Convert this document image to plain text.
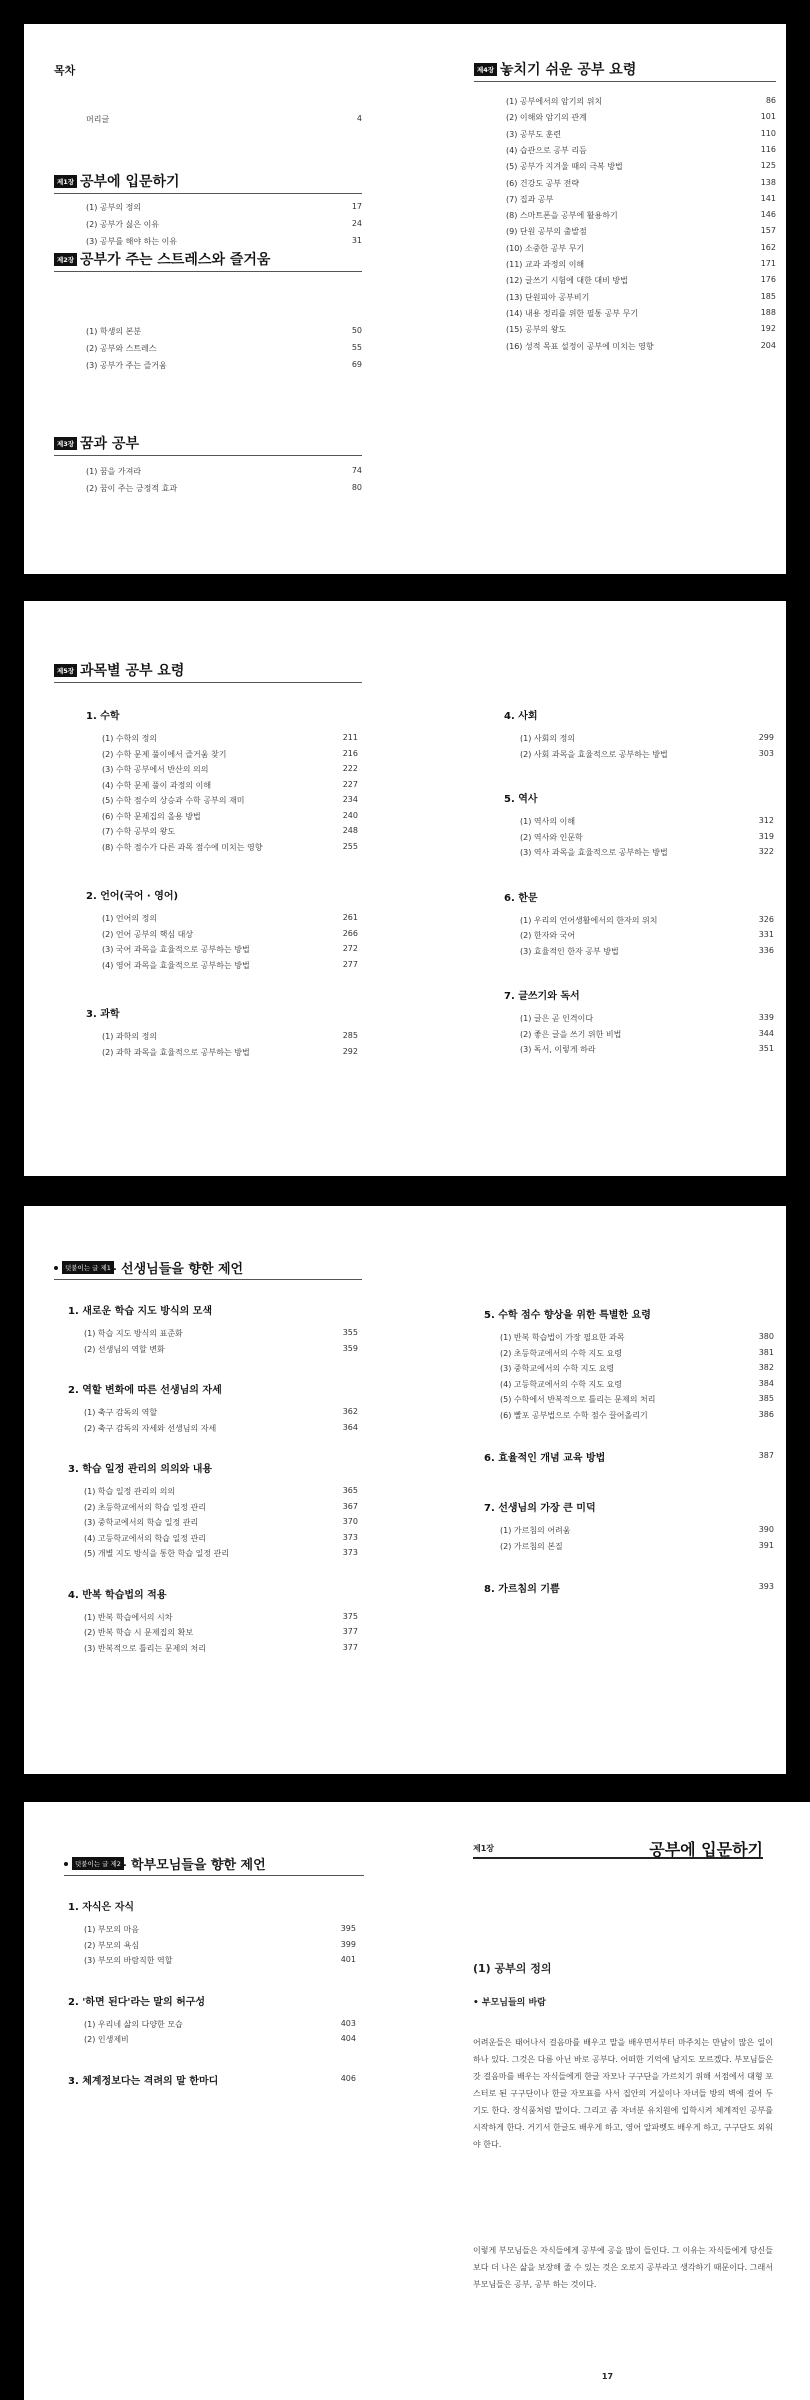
목차
머리글	4
제1장 공부에 입문하기
제2장 공부가 주는 스트레스와 즐거움
제3장 꿈과 공부
(1) 공부의 정의	17
(2) 공부가 싫은 이유	24
(3) 공부를 해야 하는 이유	31
(1) 학생의 본분	50
(2) 공부와 스트레스	55
(3) 공부가 주는 즐거움	69
(1) 꿈을 가져라	74
(2) 꿈이 주는 긍정적 효과	80
제4장 놓치기 쉬운 공부 요령
(1) 공부에서의 암기의 위치	86
(2) 이해와 암기의 관계	101
(3) 공부도 훈련	110
(4) 습관으로 공부 리듬	116
(5) 공부가 지겨울 때의 극복 방법	125
(6) 건강도 공부 전략	138
(7) 집과 공부	141
(8) 스마트폰을 공부에 활용하기	146
(9) 단원 공부의 출발점	157
(10) 소중한 공부 무기	162
(11) 교과 과정의 이해	171
(12) 글쓰기 시험에 대한 대비 방법	176
(13) 단원피아 공부비기	185
(14) 내용 정리를 위한 필통 공부 무기	188
(15) 공부의 왕도	192
(16) 성적 목표 설정이 공부에 미치는 영향	204
제5장 과목별 공부 요령
1. 수학
(1) 수학의 정의	211
(2) 수학 문제 풀이에서 즐거움 찾기	216
(3) 수학 공부에서 반산의 의의	222
(4) 수학 문제 풀이 과정의 이해	227
(5) 수학 점수의 상승과 수학 공부의 재미	234
(6) 수학 문제집의 올용 방법	240
(7) 수학 공부의 왕도	248
(8) 수학 점수가 다른 과목 점수에 미치는 영향	255
2. 언어(국어 · 영어)
(1) 언어의 정의	261
(2) 언어 공부의 핵심 대상	266
(3) 국어 과목을 효율적으로 공부하는 방법	272
(4) 영어 과목을 효율적으로 공부하는 방법	277
3. 과학
(1) 과학의 정의	285
(2) 과학 과목을 효율적으로 공부하는 방법	292
4. 사회
(1) 사회의 정의	299
(2) 사회 과목을 효율적으로 공부하는 방법	303
5. 역사
(1) 역사의 이해	312
(2) 역사와 인문학	319
(3) 역사 과목을 효율적으로 공부하는 방법	322
6. 한문
(1) 우리의 언어생활에서의 한자의 위치	326
(2) 한자와 국어	331
(3) 효율적인 한자 공부 방법	336
7. 글쓰기와 독서
(1) 글은 곧 인격이다	339
(2) 좋은 글을 쓰기 위한 비법	344
(3) 독서, 이렇게 하라	351
덧붙이는 글 제1 – 선생님들을 향한 제언
1. 새로운 학습 지도 방식의 모색
(1) 학습 지도 방식의 표준화	355
(2) 선생님의 역할 변화	359
2. 역할 변화에 따른 선생님의 자세
(1) 축구 감독의 역할	362
(2) 축구 감독의 자세와 선생님의 자세	364
3. 학습 일정 관리의 의의와 내용
(1) 학습 일정 관리의 의의	365
(2) 초등학교에서의 학습 일정 관리	367
(3) 중학교에서의 학습 일정 관리	370
(4) 고등학교에서의 학습 일정 관리	373
(5) 개별 지도 방식을 통한 학습 일정 관리	373
4. 반복 학습법의 적용
(1) 반복 학습에서의 시차	375
(2) 반복 학습 시 문제집의 확보	377
(3) 반복적으로 틀리는 문제의 처리	377
5. 수학 점수 향상을 위한 특별한 요령
(1) 반복 학습법이 가장 필요한 과목	380
(2) 초등학교에서의 수학 지도 요령	381
(3) 중학교에서의 수학 지도 요령	382
(4) 고등학교에서의 수학 지도 요령	384
(5) 수학에서 반복적으로 틀리는 문제의 처리	385
(6) 빨포 공부법으로 수학 점수 끌어올리기	386
6. 효율적인 개념 교육 방법	387
7. 선생님의 가장 큰 미덕
(1) 가르침의 어려움	390
(2) 가르침의 본질	391
8. 가르침의 기쁨	393
덧붙이는 글 제2 – 학부모님들을 향한 제언
1. 자식은 자식
(1) 부모의 마음	395
(2) 부모의 욕심	399
(3) 부모의 바람직한 역할	401
2. '하면 된다'라는 말의 허구성
(1) 우리네 삶의 다양한 모습	403
(2) 인생제비	404
3. 체계정보다는 격려의 말 한마디	406
제1장	공부에 입문하기
(1) 공부의 정의
• 부모님들의 바람

어려운들은 태어나서 걸음마를 배우고 말을 배우면서부터 마주치는 만남이 많은 일이 하나 있다. 그것은 다름 아닌 바로 공부다. 어떠한 기억에 남지도 모르겠다. 부모님들은 갓 걸음마를 배우는 자식들에게 한글 자모나 구구단을 가르치기 위해 서점에서 대형 포스터로 된 구구단이나 한글 자모표를 사서 집안의 거실이나 자녀들 방의 벽에 걸어 두기도 한다. 장식품처럼 말이다. 그리고 좀 자녀분 유치원에 입학시켜 체계적인 공부를 시작하게 한다. 거기서 한글도 배우게 하고, 영어 알파벳도 배우게 하고, 구구단도 외워야 한다.

이렇게 부모님들은 자식들에게 공부에 공을 많이 들인다. 그 이유는 자식들에게 당신들보다 더 나은 삶을 보장해 줄 수 있는 것은 오로지 공부라고 생각하기 때문이다. 그래서 부모님들은 공부, 공부 하는 것이다.

17
